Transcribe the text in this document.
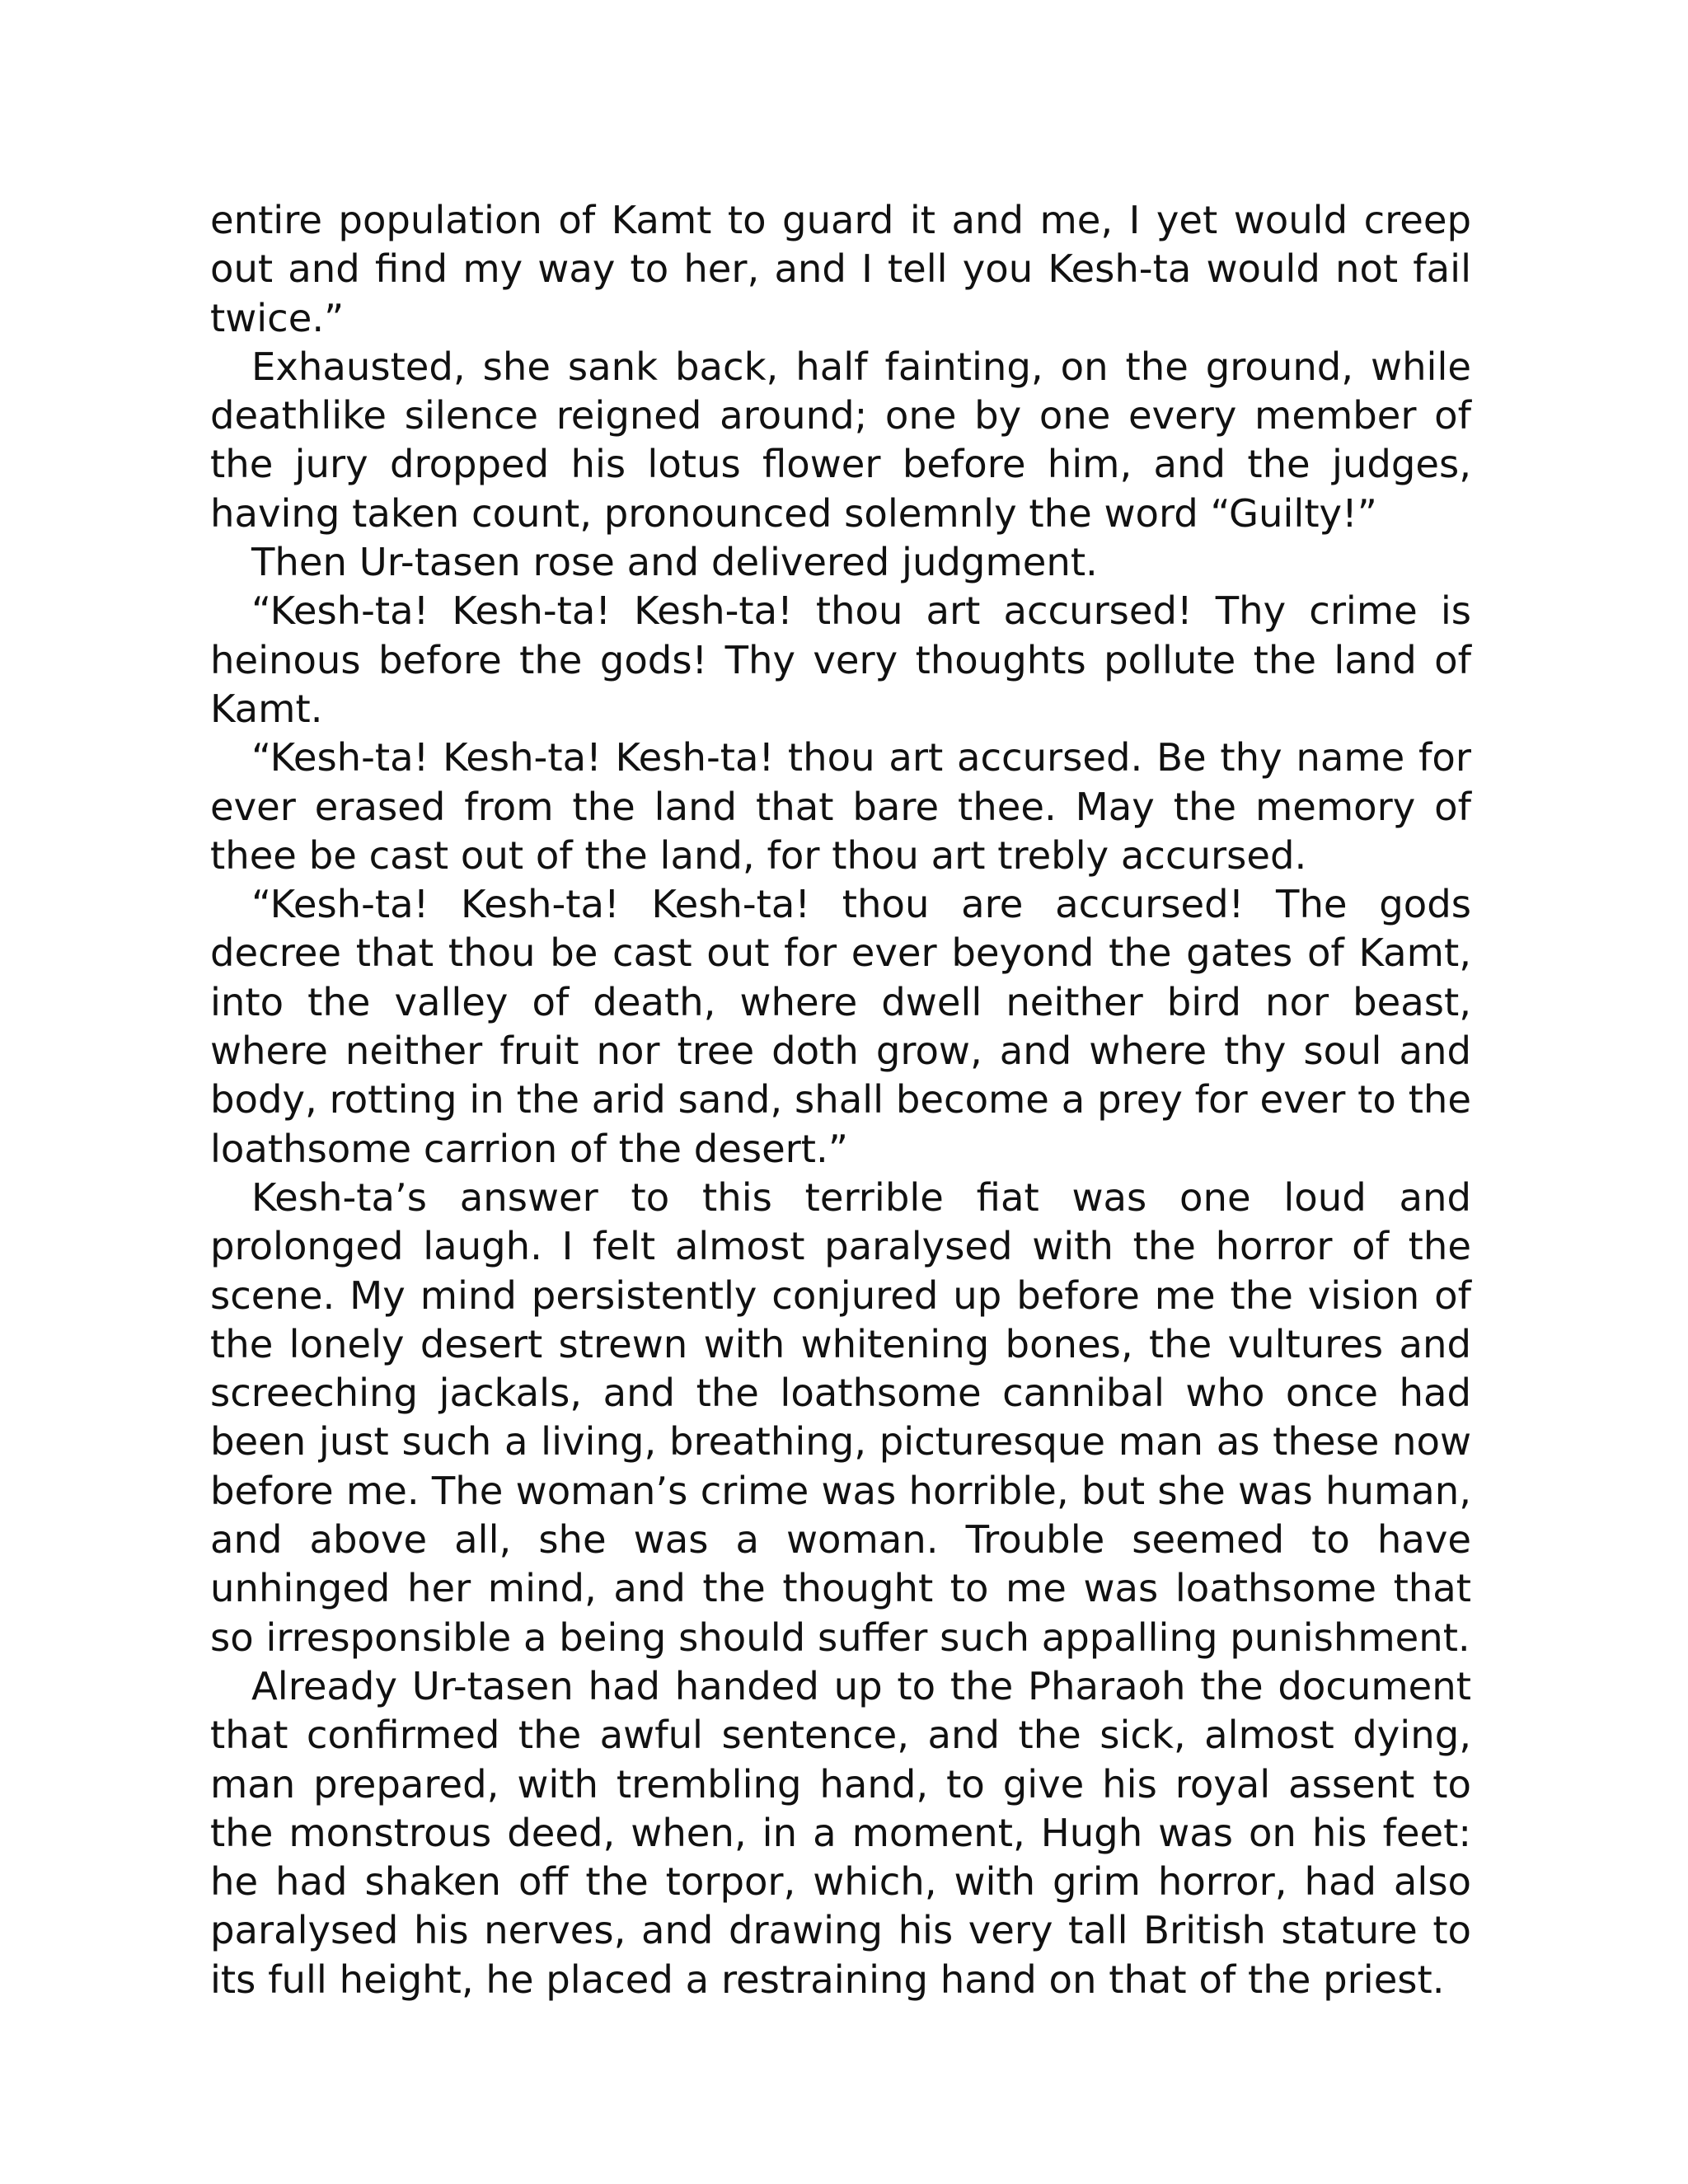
entire population of Kamt to guard it and me, I yet would creep out and find my way to her, and I tell you Kesh-ta would not fail twice.”

Exhausted, she sank back, half fainting, on the ground, while deathlike silence reigned around; one by one every member of the jury dropped his lotus flower before him, and the judges, having taken count, pronounced solemnly the word “Guilty!”

Then Ur-tasen rose and delivered judgment.

“Kesh-ta! Kesh-ta! Kesh-ta! thou art accursed! Thy crime is heinous before the gods! Thy very thoughts pollute the land of Kamt.

“Kesh-ta! Kesh-ta! Kesh-ta! thou art accursed. Be thy name for ever erased from the land that bare thee. May the memory of thee be cast out of the land, for thou art trebly accursed.

“Kesh-ta! Kesh-ta! Kesh-ta! thou are accursed! The gods decree that thou be cast out for ever beyond the gates of Kamt, into the valley of death, where dwell neither bird nor beast, where neither fruit nor tree doth grow, and where thy soul and body, rotting in the arid sand, shall become a prey for ever to the loathsome carrion of the desert.”

Kesh-ta’s answer to this terrible fiat was one loud and prolonged laugh. I felt almost paralysed with the horror of the scene. My mind persistently conjured up before me the vision of the lonely desert strewn with whitening bones, the vultures and screeching jackals, and the loathsome cannibal who once had been just such a living, breathing, picturesque man as these now before me. The woman’s crime was horrible, but she was human, and above all, she was a woman. Trouble seemed to have unhinged her mind, and the thought to me was loathsome that so irresponsible a being should suffer such appalling punishment.

Already Ur-tasen had handed up to the Pharaoh the document that confirmed the awful sentence, and the sick, almost dying, man prepared, with trembling hand, to give his royal assent to the monstrous deed, when, in a moment, Hugh was on his feet: he had shaken off the torpor, which, with grim horror, had also paralysed his nerves, and drawing his very tall British stature to its full height, he placed a restraining hand on that of the priest.
